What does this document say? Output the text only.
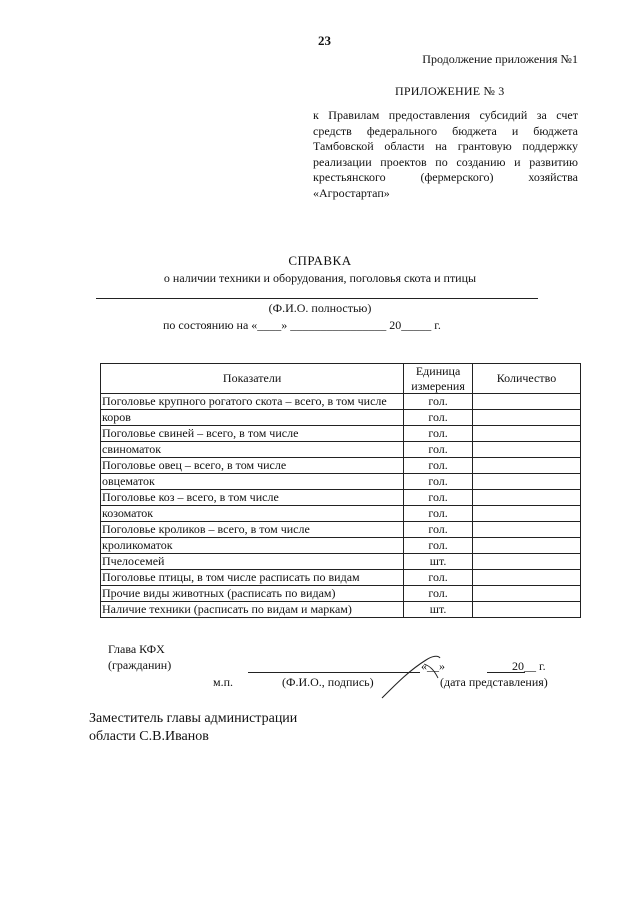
23
Продолжение приложения №1
ПРИЛОЖЕНИЕ № 3
к Правилам предоставления субсидий за счет
средств федерального бюджета и бюджета
Тамбовской области на грантовую поддержку
реализации проектов по созданию и развитию
крестьянского (фермерского) хозяйства
«Агростартап»
СПРАВКА
о наличии техники и оборудования, поголовья скота и птицы
(Ф.И.О. полностью)
по состоянию на «____» ________________ 20_____ г.
Показатели	Единица измерения	Количество
Поголовье крупного рогатого скота – всего, в том числе	гол.	
коров	гол.	
Поголовье свиней – всего, в том числе	гол.	
свиноматок	гол.	
Поголовье овец – всего, в том числе	гол.	
овцематок	гол.	
Поголовье коз – всего, в том числе	гол.	
козоматок	гол.	
Поголовье кроликов – всего, в том числе	гол.	
кроликоматок	гол.	
Пчелосемей	шт.	
Поголовье птицы, в том числе расписать по видам	гол.	
Прочие виды животных (расписать по видам)	гол.	
Наличие техники (расписать по видам и маркам)	шт.	
Глава КФХ
(гражданин)	«__»	20__ г.
м.п.	(Ф.И.О., подпись)	(дата представления)
Заместитель главы администрации
области С.В.Иванов
